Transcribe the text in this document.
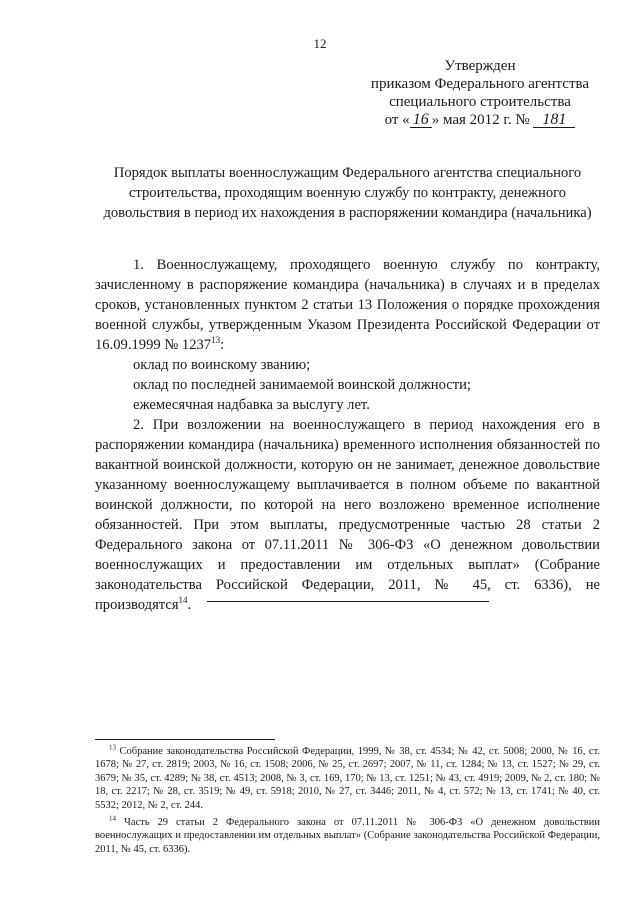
12
Утвержден
приказом Федерального агентства
специального строительства
от « 16 » мая 2012 г. № 181
Порядок выплаты военнослужащим Федерального агентства специального строительства, проходящим военную службу по контракту, денежного довольствия в период их нахождения в распоряжении командира (начальника)

1. Военнослужащему, проходящего военную службу по контракту, зачисленному в распоряжение командира (начальника) в случаях и в пределах сроков, установленных пунктом 2 статьи 13 Положения о порядке прохождения военной службы, утвержденным Указом Президента Российской Федерации от 16.09.1999 № 1237$^{13}$:

оклад по воинскому званию;
оклад по последней занимаемой воинской должности;
ежемесячная надбавка за выслугу лет.

2. При возложении на военнослужащего в период нахождения его в распоряжении командира (начальника) временного исполнения обязанностей по вакантной воинской должности, которую он не занимает, денежное довольствие указанному военнослужащему выплачивается в полном объеме по вакантной воинской должности, по которой на него возложено временное исполнение обязанностей. При этом выплаты, предусмотренные частью 28 статьи 2 Федерального закона от 07.11.2011 № 306-ФЗ «О денежном довольствии военнослужащих и предоставлении им отдельных выплат» (Собрание законодательства Российской Федерации, 2011, № 45, ст. 6336), не производятся$^{14}$.

$^{13}$ Собрание законодательства Российской Федерации, 1999, № 38, ст. 4534; № 42, ст. 5008; 2000, № 16, ст. 1678; № 27, ст. 2819; 2003, № 16, ст. 1508; 2006, № 25, ст. 2697; 2007, № 11, ст. 1284; № 13, ст. 1527; № 29, ст. 3679; № 35, ст. 4289; № 38, ст. 4513; 2008, № 3, ст. 169, 170; № 13, ст. 1251; № 43, ст. 4919; 2009, № 2, ст. 180; № 18, ст. 2217; № 28, ст. 3519; № 49, ст. 5918; 2010, № 27, ст. 3446; 2011, № 4, ст. 572; № 13, ст. 1741; № 40, ст. 5532; 2012, № 2, ст. 244.

$^{14}$ Часть 29 статьи 2 Федерального закона от 07.11.2011 № 306-ФЗ «О денежном довольствии военнослужащих и предоставлении им отдельных выплат» (Собрание законодательства Российской Федерации, 2011, № 45, ст. 6336).
